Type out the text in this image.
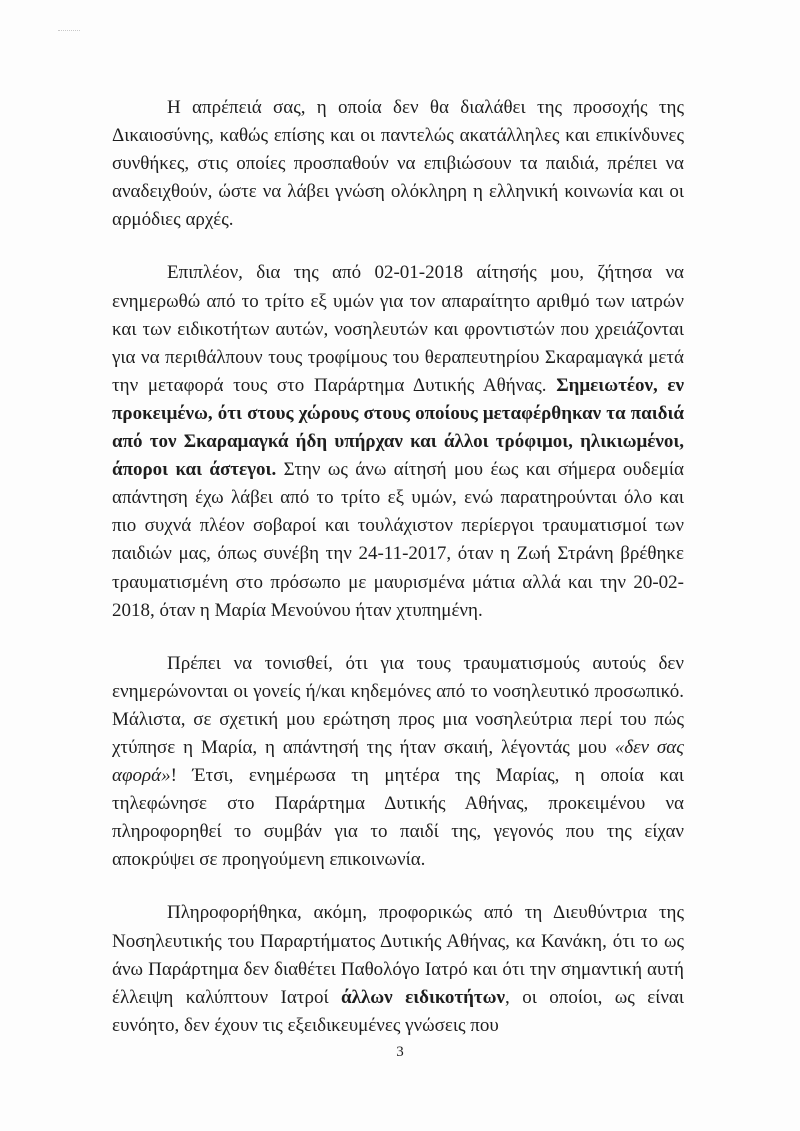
Η απρέπειά σας, η οποία δεν θα διαλάθει της προσοχής της Δικαιοσύνης, καθώς επίσης και οι παντελώς ακατάλληλες και επικίνδυνες συνθήκες, στις οποίες προσπαθούν να επιβιώσουν τα παιδιά, πρέπει να αναδειχθούν, ώστε να λάβει γνώση ολόκληρη η ελληνική κοινωνία και οι αρμόδιες αρχές.

Επιπλέον, δια της από 02-01-2018 αίτησής μου, ζήτησα να ενημερωθώ από το τρίτο εξ υμών για τον απαραίτητο αριθμό των ιατρών και των ειδικοτήτων αυτών, νοσηλευτών και φροντιστών που χρειάζονται για να περιθάλπουν τους τροφίμους του θεραπευτηρίου Σκαραμαγκά μετά την μεταφορά τους στο Παράρτημα Δυτικής Αθήνας. Σημειωτέον, εν προκειμένω, ότι στους χώρους στους οποίους μεταφέρθηκαν τα παιδιά από τον Σκαραμαγκά ήδη υπήρχαν και άλλοι τρόφιμοι, ηλικιωμένοι, άποροι και άστεγοι. Στην ως άνω αίτησή μου έως και σήμερα ουδεμία απάντηση έχω λάβει από το τρίτο εξ υμών, ενώ παρατηρούνται όλο και πιο συχνά πλέον σοβαροί και τουλάχιστον περίεργοι τραυματισμοί των παιδιών μας, όπως συνέβη την 24-11-2017, όταν η Ζωή Στράνη βρέθηκε τραυματισμένη στο πρόσωπο με μαυρισμένα μάτια αλλά και την 20-02-2018, όταν η Μαρία Μενούνου ήταν χτυπημένη.

Πρέπει να τονισθεί, ότι για τους τραυματισμούς αυτούς δεν ενημερώνονται οι γονείς ή/και κηδεμόνες από το νοσηλευτικό προσωπικό. Μάλιστα, σε σχετική μου ερώτηση προς μια νοσηλεύτρια περί του πώς χτύπησε η Μαρία, η απάντησή της ήταν σκαιή, λέγοντάς μου «δεν σας αφορά»! Έτσι, ενημέρωσα τη μητέρα της Μαρίας, η οποία και τηλεφώνησε στο Παράρτημα Δυτικής Αθήνας, προκειμένου να πληροφορηθεί το συμβάν για το παιδί της, γεγονός που της είχαν αποκρύψει σε προηγούμενη επικοινωνία.

Πληροφορήθηκα, ακόμη, προφορικώς από τη Διευθύντρια της Νοσηλευτικής του Παραρτήματος Δυτικής Αθήνας, κα Κανάκη, ότι το ως άνω Παράρτημα δεν διαθέτει Παθολόγο Ιατρό και ότι την σημαντική αυτή έλλειψη καλύπτουν Ιατροί άλλων ειδικοτήτων, οι οποίοι, ως είναι ευνόητο, δεν έχουν τις εξειδικευμένες γνώσεις που

3
